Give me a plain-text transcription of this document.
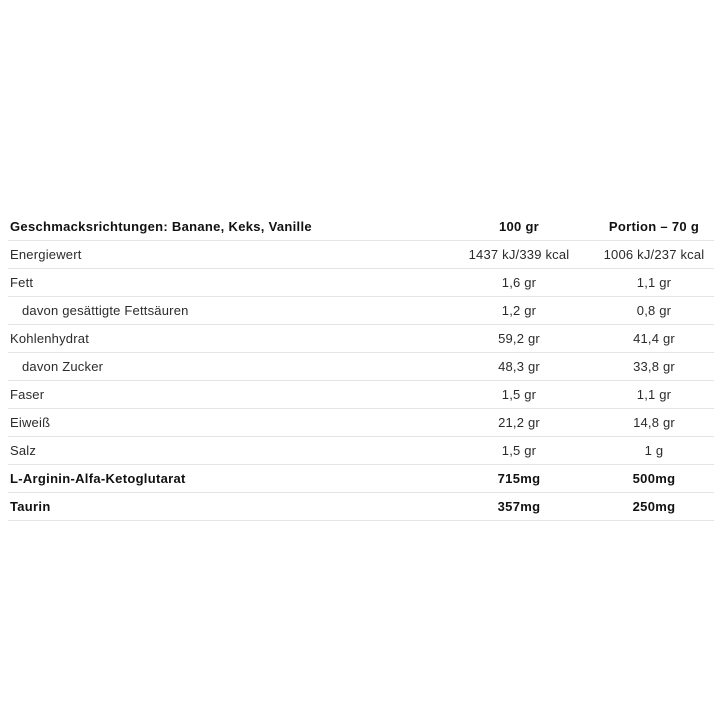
Geschmacksrichtungen: Banane, Keks, Vanille	100 gr	Portion – 70 g
Energiewert	1437 kJ/339 kcal	1006 kJ/237 kcal
Fett	1,6 gr	1,1 gr
davon gesättigte Fettsäuren	1,2 gr	0,8 gr
Kohlenhydrat	59,2 gr	41,4 gr
davon Zucker	48,3 gr	33,8 gr
Faser	1,5 gr	1,1 gr
Eiweiß	21,2 gr	14,8 gr
Salz	1,5 gr	1 g
L-Arginin-Alfa-Ketoglutarat	715mg	500mg
Taurin	357mg	250mg
